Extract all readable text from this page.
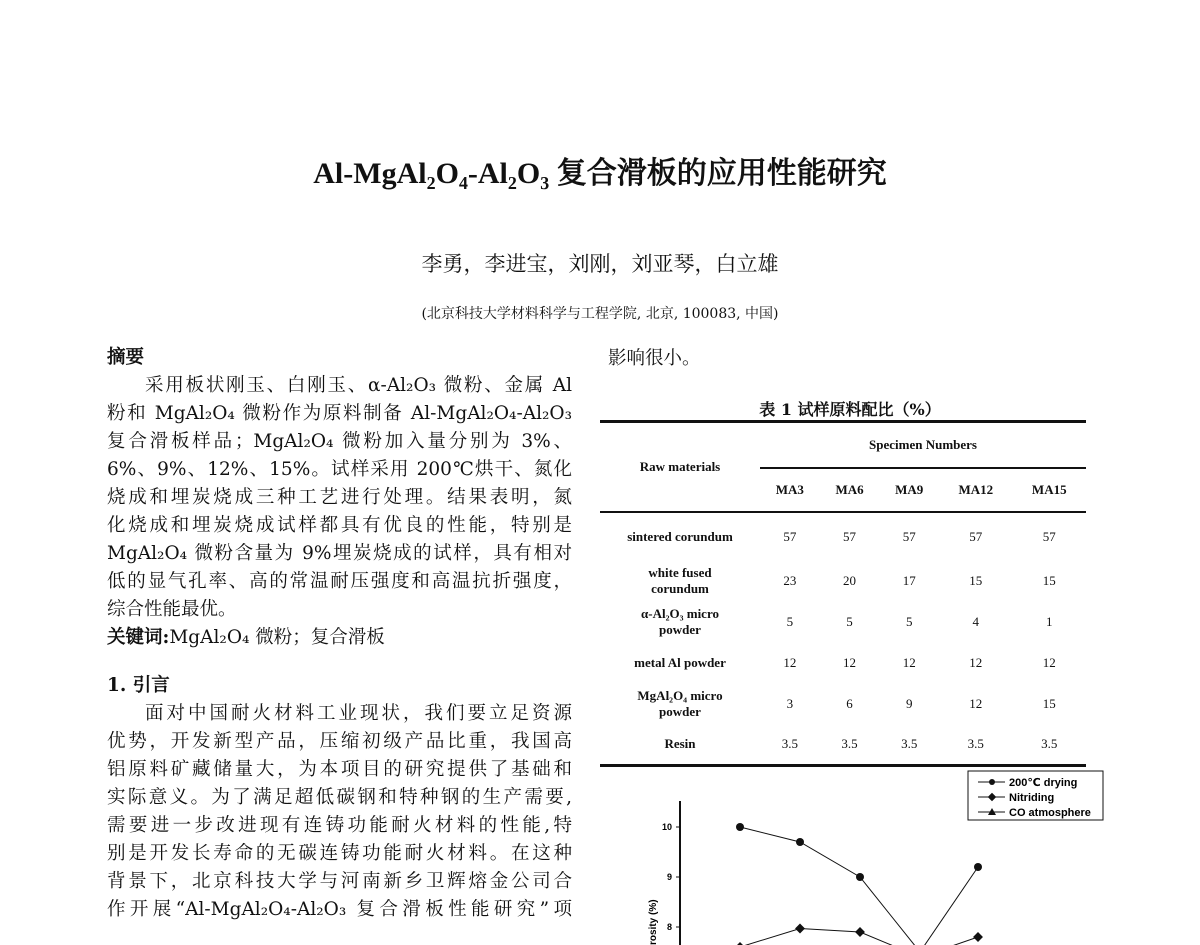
Al-MgAl₂O₄-Al₂O₃ 复合滑板的应用性能研究
李勇，李进宝，刘刚，刘亚琴，白立雄
(北京科技大学材料科学与工程学院, 北京, 100083, 中国)
摘要
采用板状刚玉、白刚玉、α-Al₂O₃ 微粉、金属 Al
粉和 MgAl₂O₄ 微粉作为原料制备 Al-MgAl₂O₄-Al₂O₃
复合滑板样品；MgAl₂O₄ 微粉加入量分别为 3%、
6%、9%、12%、15%。试样采用 200℃烘干、氮化
烧成和埋炭烧成三种工艺进行处理。结果表明，氮
化烧成和埋炭烧成试样都具有优良的性能，特别是
MgAl₂O₄ 微粉含量为 9%埋炭烧成的试样，具有相对
低的显气孔率、高的常温耐压强度和高温抗折强度，
综合性能最优。
关键词:MgAl₂O₄ 微粉；复合滑板
1. 引言
面对中国耐火材料工业现状，我们要立足资源
优势，开发新型产品，压缩初级产品比重，我国高
铝原料矿藏储量大，为本项目的研究提供了基础和
实际意义。为了满足超低碳钢和特种钢的生产需要,
需要进一步改进现有连铸功能耐火材料的性能,特
别是开发长寿命的无碳连铸功能耐火材料。在这种
背景下，北京科技大学与河南新乡卫辉熔金公司合
作开展“Al-MgAl₂O₄-Al₂O₃ 复合滑板性能研究”项
影响很小。
表 1 试样原料配比（%）
Raw materials	Specimen Numbers				
	MA3	MA6	MA9	MA12	MA15
sintered corundum	57	57	57	57	57
white fused corundum	23	20	17	15	15
α-Al₂O₃ micro powder	5	5	5	4	1
metal Al powder	12	12	12	12	12
MgAl₂O₄ micro powder	3	6	9	12	15
Resin	3.5	3.5	3.5	3.5	3.5
8
9
10
rosity (%)
200℃ drying
Nitriding
CO atmosphere
